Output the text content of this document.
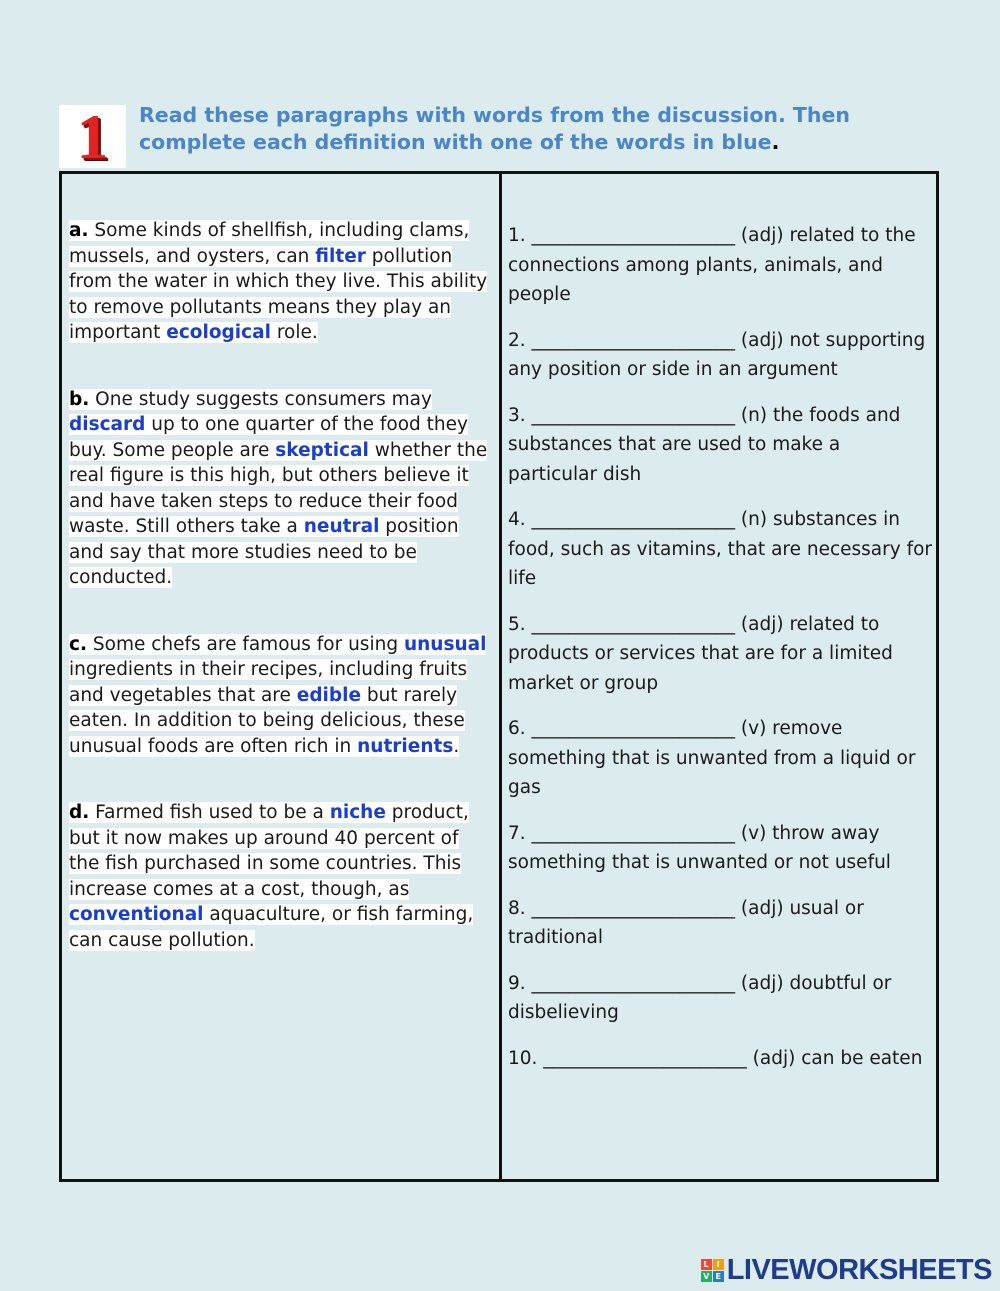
1 Read these paragraphs with words from the discussion. Then complete each definition with one of the words in blue.

a. Some kinds of shellfish, including clams, mussels, and oysters, can filter pollution from the water in which they live. This ability to remove pollutants means they play an important ecological role.

b. One study suggests consumers may discard up to one quarter of the food they buy. Some people are skeptical whether the real figure is this high, but others believe it and have taken steps to reduce their food waste. Still others take a neutral position and say that more studies need to be conducted.

c. Some chefs are famous for using unusual ingredients in their recipes, including fruits and vegetables that are edible but rarely eaten. In addition to being delicious, these unusual foods are often rich in nutrients.

d. Farmed fish used to be a niche product, but it now makes up around 40 percent of the fish purchased in some countries. This increase comes at a cost, though, as conventional aquaculture, or fish farming, can cause pollution.

1. ______________________ (adj) related to the connections among plants, animals, and people

2. ______________________ (adj) not supporting any position or side in an argument

3. ______________________ (n) the foods and substances that are used to make a particular dish

4. ______________________ (n) substances in food, such as vitamins, that are necessary for life

5. ______________________ (adj) related to products or services that are for a limited market or group

6. ______________________ (v) remove something that is unwanted from a liquid or gas

7. ______________________ (v) throw away something that is unwanted or not useful

8. ______________________ (adj) usual or traditional

9. ______________________ (adj) doubtful or disbelieving

10. ______________________ (adj) can be eaten

L I
V E LIVEWORKSHEETS
